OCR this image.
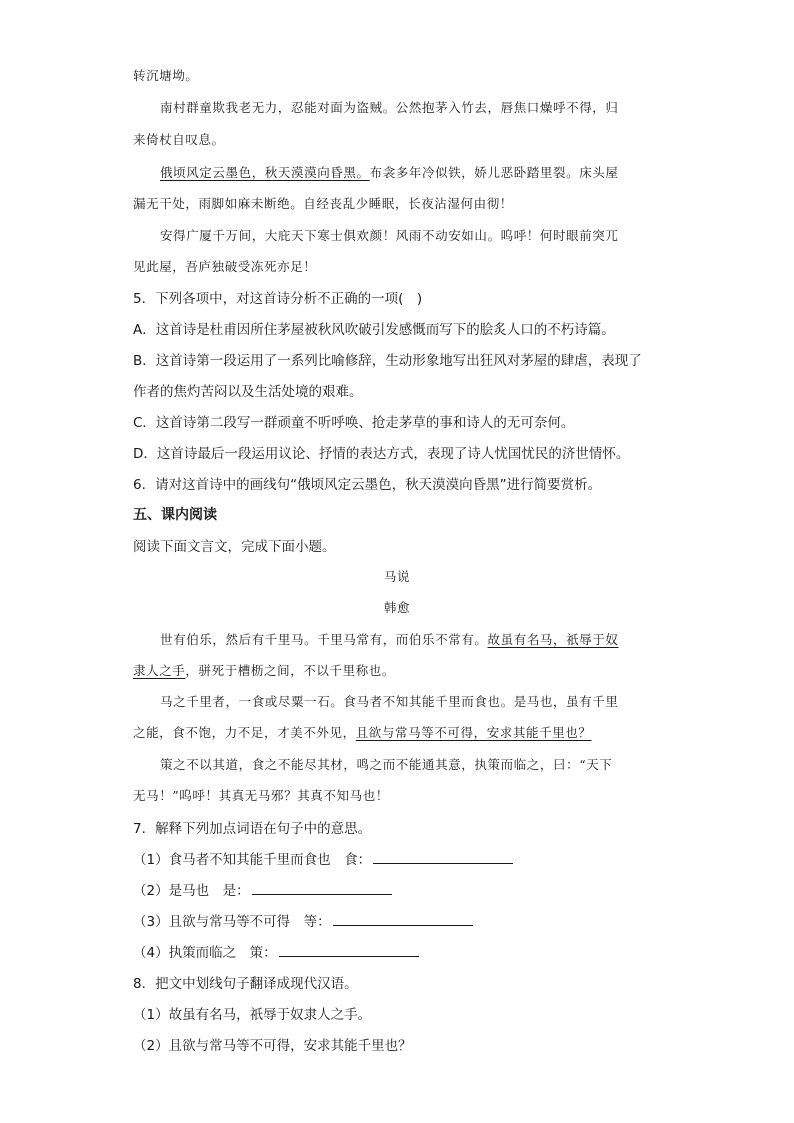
转沉塘坳。
南村群童欺我老无力，忍能对面为盗贼。公然抱茅入竹去，唇焦口燥呼不得，归
来倚杖自叹息。
俄顷风定云墨色，秋天漠漠向昏黑。布衾多年冷似铁，娇儿恶卧踏里裂。床头屋
漏无干处，雨脚如麻未断绝。自经丧乱少睡眠，长夜沾湿何由彻！
安得广厦千万间，大庇天下寒士俱欢颜！风雨不动安如山。呜呼！何时眼前突兀
见此屋，吾庐独破受冻死亦足！
5．下列各项中，对这首诗分析不正确的一项(　)
A．这首诗是杜甫因所住茅屋被秋风吹破引发感慨而写下的脍炙人口的不朽诗篇。
B．这首诗第一段运用了一系列比喻修辞，生动形象地写出狂风对茅屋的肆虐，表现了
作者的焦灼苦闷以及生活处境的艰难。
C．这首诗第二段写一群顽童不听呼唤、抢走茅草的事和诗人的无可奈何。
D．这首诗最后一段运用议论、抒情的表达方式，表现了诗人忧国忧民的济世情怀。
6．请对这首诗中的画线句“俄顷风定云墨色，秋天漠漠向昏黑”进行简要赏析。
五、课内阅读
阅读下面文言文，完成下面小题。
马说
韩愈
世有伯乐，然后有千里马。千里马常有，而伯乐不常有。故虽有名马，祇辱于奴
隶人之手，骈死于槽枥之间，不以千里称也。
马之千里者，一食或尽粟一石。食马者不知其能千里而食也。是马也，虽有千里
之能，食不饱，力不足，才美不外见，且欲与常马等不可得，安求其能千里也？
策之不以其道，食之不能尽其材，鸣之而不能通其意，执策而临之，曰：“天下
无马！”呜呼！其真无马邪？其真不知马也！
7．解释下列加点词语在句子中的意思。
（1）食马者不知其能千里而食也　食：
（2）是马也　是：
（3）且欲与常马等不可得　等：
（4）执策而临之　策：
8．把文中划线句子翻译成现代汉语。
（1）故虽有名马，祇辱于奴隶人之手。
（2）且欲与常马等不可得，安求其能千里也？
